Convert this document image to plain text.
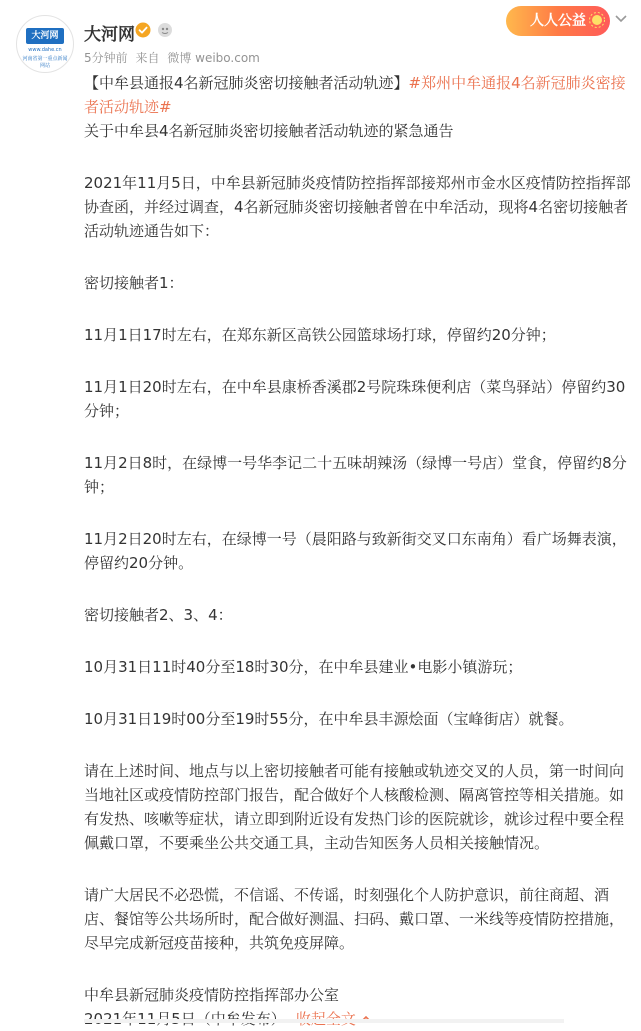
大河网
www.dahe.cn
河南省第一重点新闻网站
大河网
5分钟前 来自 微博 weibo.com
人人公益

【中牟县通报4名新冠肺炎密切接触者活动轨迹】#郑州中牟通报4名新冠肺炎密接者活动轨迹#

关于中牟县4名新冠肺炎密切接触者活动轨迹的紧急通告

2021年11月5日，中牟县新冠肺炎疫情防控指挥部接郑州市金水区疫情防控指挥部协查函，并经过调查，4名新冠肺炎密切接触者曾在中牟活动，现将4名密切接触者活动轨迹通告如下：

密切接触者1：

11月1日17时左右，在郑东新区高铁公园篮球场打球，停留约20分钟；

11月1日20时左右，在中牟县康桥香溪郡2号院珠珠便利店（菜鸟驿站）停留约30分钟；

11月2日8时，在绿博一号华李记二十五味胡辣汤（绿博一号店）堂食，停留约8分钟；

11月2日20时左右，在绿博一号（晨阳路与致新街交叉口东南角）看广场舞表演，停留约20分钟。

密切接触者2、3、4：

10月31日11时40分至18时30分，在中牟县建业•电影小镇游玩；

10月31日19时00分至19时55分，在中牟县丰源烩面（宝峰街店）就餐。

请在上述时间、地点与以上密切接触者可能有接触或轨迹交叉的人员，第一时间向当地社区或疫情防控部门报告，配合做好个人核酸检测、隔离管控等相关措施。如有发热、咳嗽等症状，请立即到附近设有发热门诊的医院就诊，就诊过程中要全程佩戴口罩，不要乘坐公共交通工具，主动告知医务人员相关接触情况。

请广大居民不必恐慌，不信谣、不传谣，时刻强化个人防护意识，前往商超、酒店、餐馆等公共场所时，配合做好测温、扫码、戴口罩、一米线等疫情防控措施，尽早完成新冠疫苗接种，共筑免疫屏障。

中牟县新冠肺炎疫情防控指挥部办公室
